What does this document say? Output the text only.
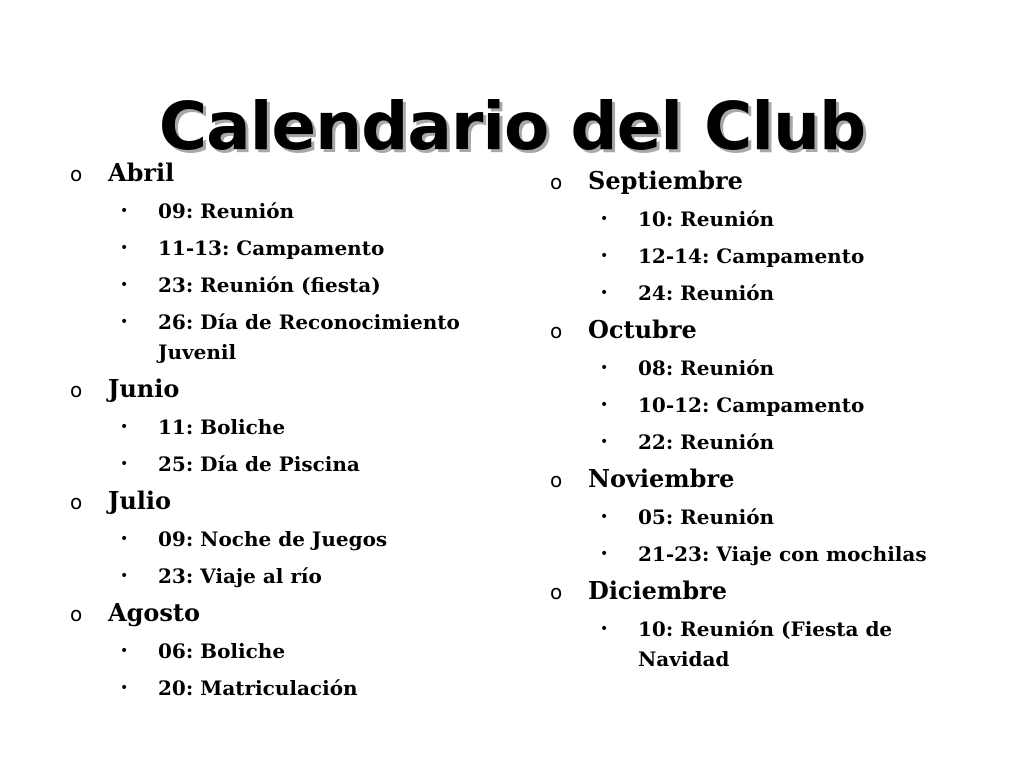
Calendario del Club
o	Abril
•	09: Reunión
•	11-13: Campamento
•	23: Reunión (fiesta)
•	26: Día de Reconocimiento Juvenil
o	Junio
•	11: Boliche
•	25: Día de Piscina
o	Julio
•	09: Noche de Juegos
•	23: Viaje al río
o	Agosto
•	06: Boliche
•	20: Matriculación
o	Septiembre
•	10: Reunión
•	12-14: Campamento
•	24: Reunión
o	Octubre
•	08: Reunión
•	10-12: Campamento
•	22: Reunión
o	Noviembre
•	05: Reunión
•	21-23: Viaje con mochilas
o	Diciembre
•	10: Reunión (Fiesta de Navidad
